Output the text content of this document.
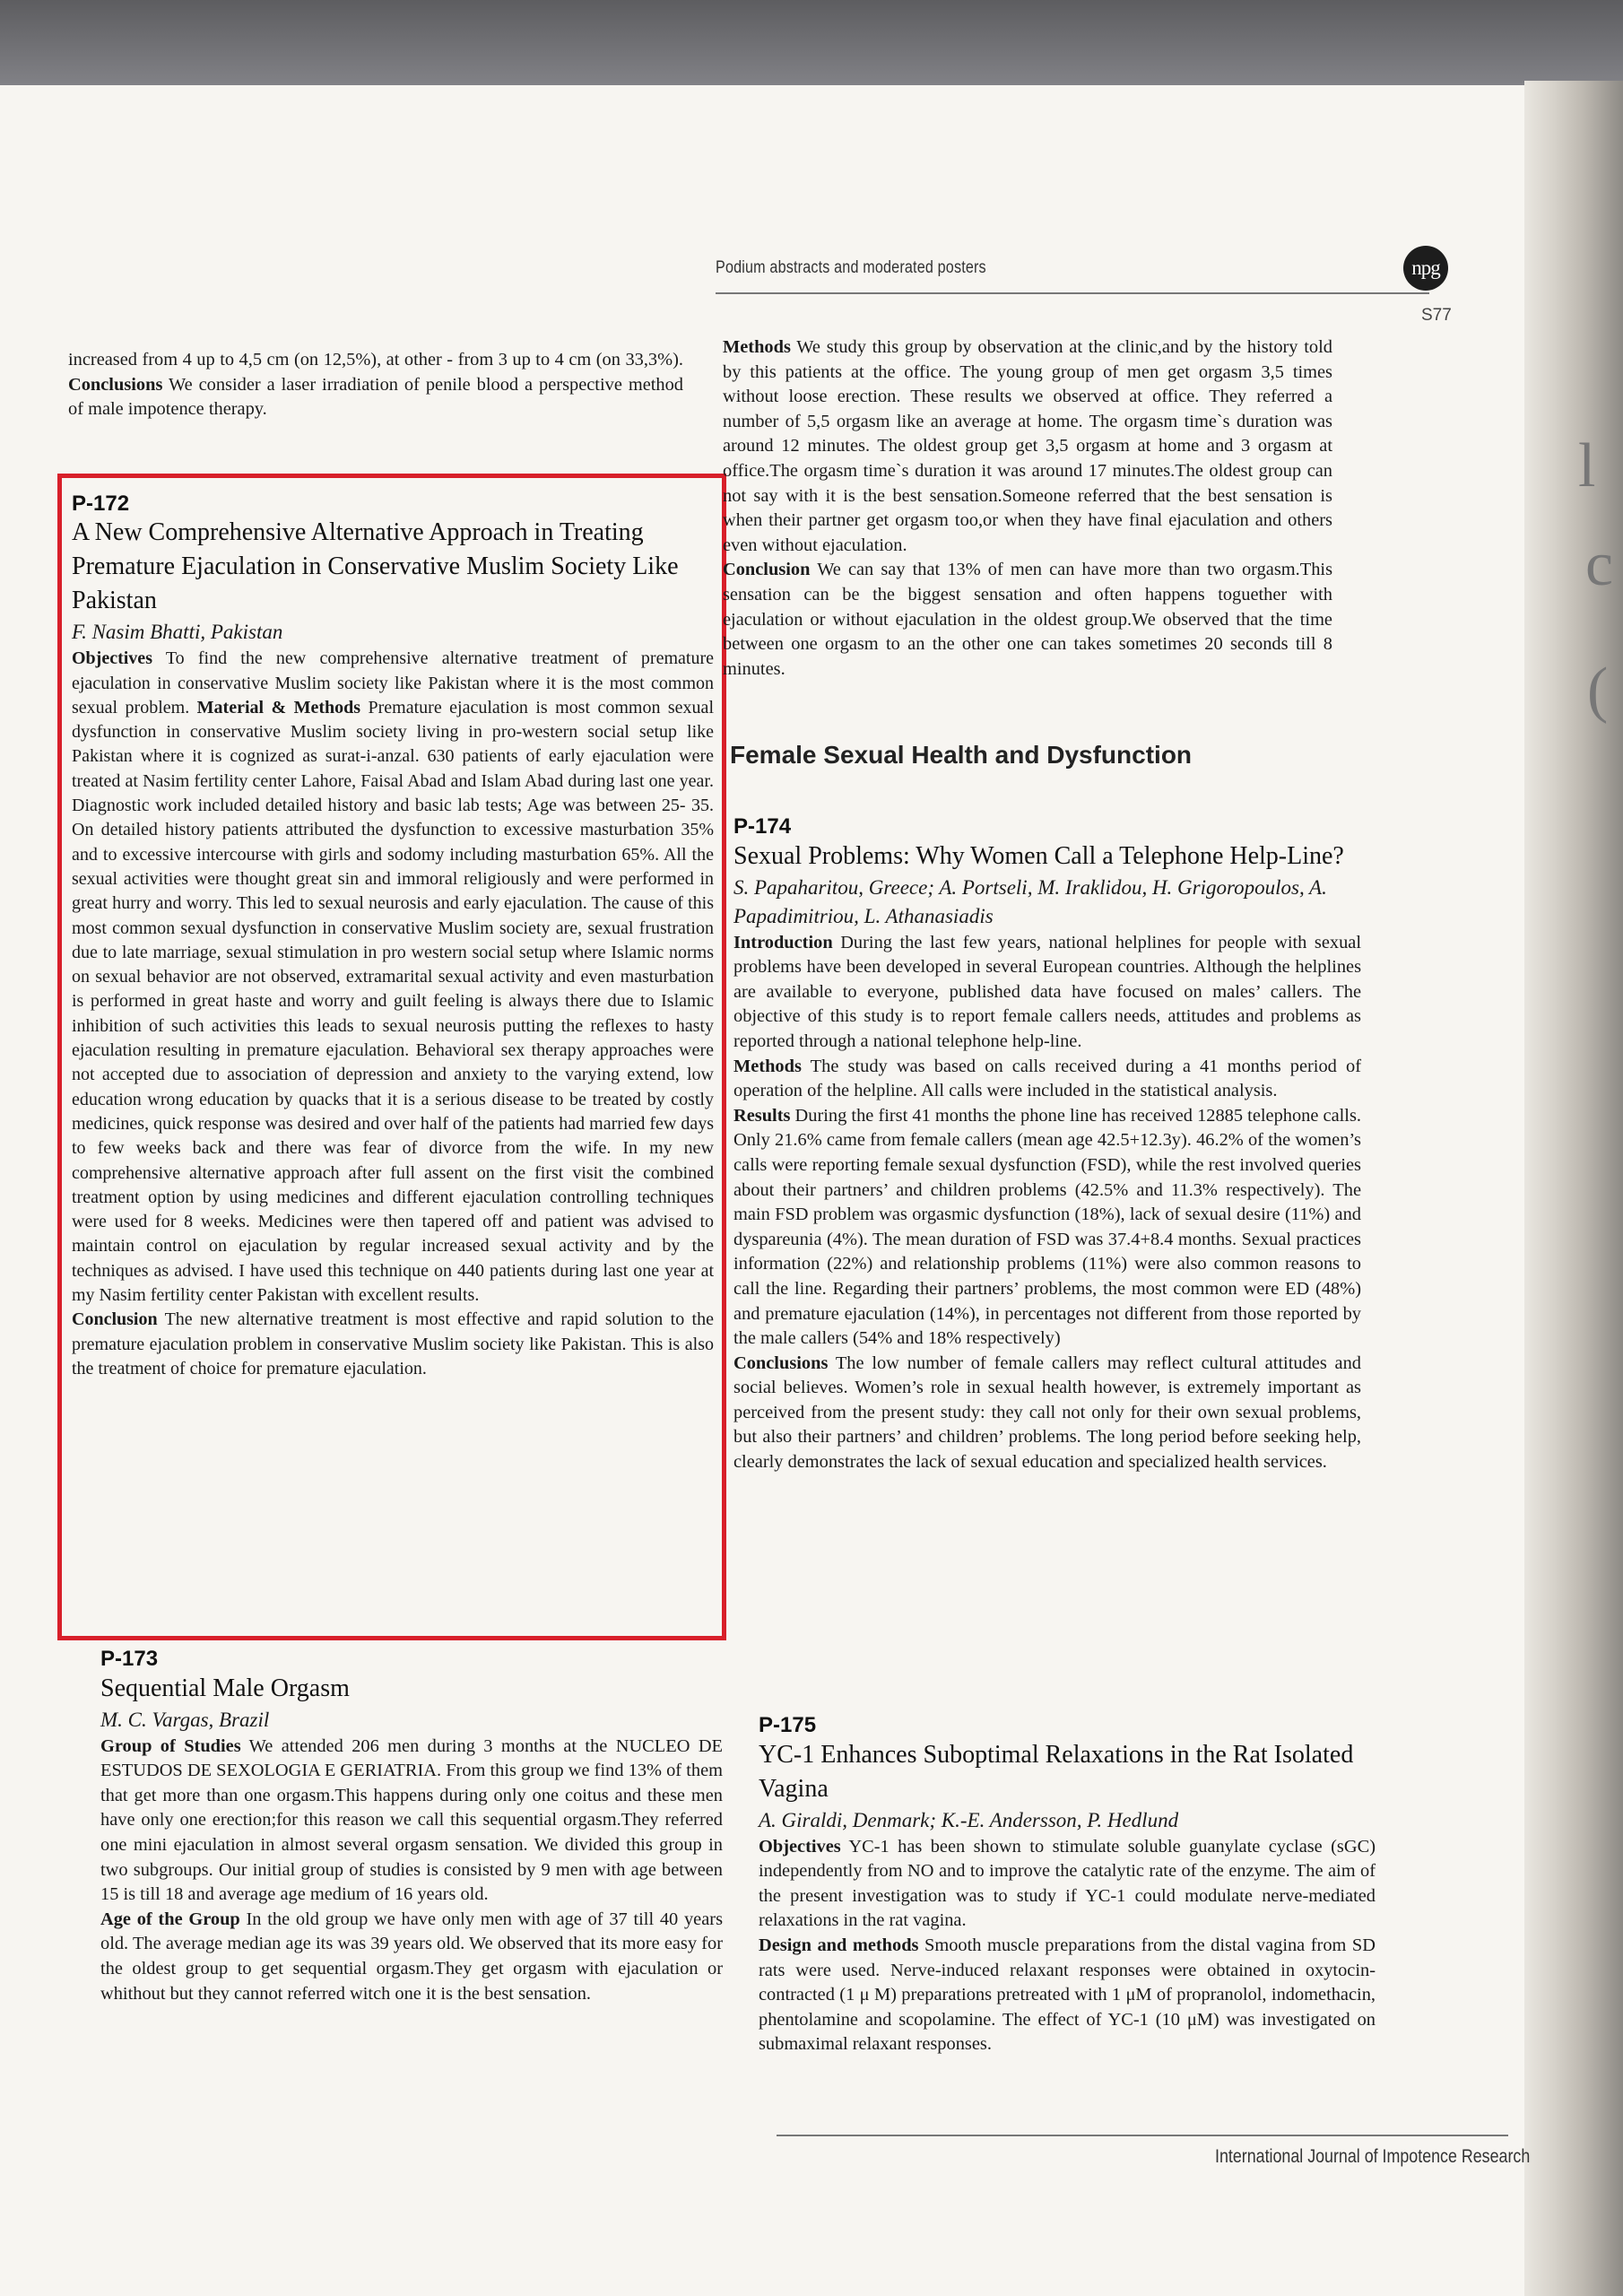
l
c
(
Podium abstracts and moderated posters	npg
S77

increased from 4 up to 4,5 cm (on 12,5%), at other - from 3 up to 4 cm (on 33,3%). Conclusions We consider a laser irradiation of penile blood a perspective method of male impotence therapy.

P-172

A New Comprehensive Alternative Approach in Treating Premature Ejaculation in Conservative Muslim Society Like Pakistan

F. Nasim Bhatti, Pakistan

Objectives To find the new comprehensive alternative treatment of premature ejaculation in conservative Muslim society like Pakistan where it is the most common sexual problem. Material & Methods Premature ejaculation is most common sexual dysfunction in conservative Muslim society living in pro-western social setup like Pakistan where it is cognized as surat-i-anzal. 630 patients of early ejaculation were treated at Nasim fertility center Lahore, Faisal Abad and Islam Abad during last one year. Diagnostic work included detailed history and basic lab tests; Age was between 25- 35. On detailed history patients attributed the dysfunction to excessive masturbation 35% and to excessive intercourse with girls and sodomy including masturbation 65%. All the sexual activities were thought great sin and immoral religiously and were performed in great hurry and worry. This led to sexual neurosis and early ejaculation. The cause of this most common sexual dysfunction in conservative Muslim society are, sexual frustration due to late marriage, sexual stimulation in pro western social setup where Islamic norms on sexual behavior are not observed, extramarital sexual activity and even masturbation is performed in great haste and worry and guilt feeling is always there due to Islamic inhibition of such activities this leads to sexual neurosis putting the reflexes to hasty ejaculation resulting in premature ejaculation. Behavioral sex therapy approaches were not accepted due to association of depression and anxiety to the varying extend, low education wrong education by quacks that it is a serious disease to be treated by costly medicines, quick response was desired and over half of the patients had married few days to few weeks back and there was fear of divorce from the wife. In my new comprehensive alternative approach after full assent on the first visit the combined treatment option by using medicines and different ejaculation controlling techniques were used for 8 weeks. Medicines were then tapered off and patient was advised to maintain control on ejaculation by regular increased sexual activity and by the techniques as advised. I have used this technique on 440 patients during last one year at my Nasim fertility center Pakistan with excellent results.

Conclusion The new alternative treatment is most effective and rapid solution to the premature ejaculation problem in conservative Muslim society like Pakistan. This is also the treatment of choice for premature ejaculation.

P-173

Sequential Male Orgasm

M. C. Vargas, Brazil

Group of Studies We attended 206 men during 3 months at the NUCLEO DE ESTUDOS DE SEXOLOGIA E GERIATRIA. From this group we find 13% of them that get more than one orgasm.This happens during only one coitus and these men have only one erection;for this reason we call this sequential orgasm.They referred one mini ejaculation in almost several orgasm sensation. We divided this group in two subgroups. Our initial group of studies is consisted by 9 men with age between 15 is till 18 and average age medium of 16 years old.

Age of the Group In the old group we have only men with age of 37 till 40 years old. The average median age its was 39 years old. We observed that its more easy for the oldest group to get sequential orgasm.They get orgasm with ejaculation or whithout but they cannot referred witch one it is the best sensation.

Methods We study this group by observation at the clinic,and by the history told by this patients at the office. The young group of men get orgasm 3,5 times without loose erection. These results we observed at office. They referred a number of 5,5 orgasm like an average at home. The orgasm time`s duration was around 12 minutes. The oldest group get 3,5 orgasm at home and 3 orgasm at office.The orgasm time`s duration it was around 17 minutes.The oldest group can not say with it is the best sensation.Someone referred that the best sensation is when their partner get orgasm too,or when they have final ejaculation and others even without ejaculation.

Conclusion We can say that 13% of men can have more than two orgasm.This sensation can be the biggest sensation and often happens toguether with ejaculation or without ejaculation in the oldest group.We observed that the time between one orgasm to an the other one can takes sometimes 20 seconds till 8 minutes.

Female Sexual Health and Dysfunction

P-174

Sexual Problems: Why Women Call a Telephone Help-Line?

S. Papaharitou, Greece; A. Portseli, M. Iraklidou, H. Grigoropoulos, A. Papadimitriou, L. Athanasiadis

Introduction During the last few years, national helplines for people with sexual problems have been developed in several European countries. Although the helplines are available to everyone, published data have focused on males’ callers. The objective of this study is to report female callers needs, attitudes and problems as reported through a national telephone help-line.

Methods The study was based on calls received during a 41 months period of operation of the helpline. All calls were included in the statistical analysis.

Results During the first 41 months the phone line has received 12885 telephone calls. Only 21.6% came from female callers (mean age 42.5+12.3y). 46.2% of the women’s calls were reporting female sexual dysfunction (FSD), while the rest involved queries about their partners’ and children problems (42.5% and 11.3% respectively). The main FSD problem was orgasmic dysfunction (18%), lack of sexual desire (11%) and dyspareunia (4%). The mean duration of FSD was 37.4+8.4 months. Sexual practices information (22%) and relationship problems (11%) were also common reasons to call the line. Regarding their partners’ problems, the most common were ED (48%) and premature ejaculation (14%), in percentages not different from those reported by the male callers (54% and 18% respectively)

Conclusions The low number of female callers may reflect cultural attitudes and social believes. Women’s role in sexual health however, is extremely important as perceived from the present study: they call not only for their own sexual problems, but also their partners’ and children’ problems. The long period before seeking help, clearly demonstrates the lack of sexual education and specialized health services.

P-175

YC-1 Enhances Suboptimal Relaxations in the Rat Isolated Vagina

A. Giraldi, Denmark; K.-E. Andersson, P. Hedlund

Objectives YC-1 has been shown to stimulate soluble guanylate cyclase (sGC) independently from NO and to improve the catalytic rate of the enzyme. The aim of the present investigation was to study if YC-1 could modulate nerve-mediated relaxations in the rat vagina.

Design and methods Smooth muscle preparations from the distal vagina from SD rats were used. Nerve-induced relaxant responses were obtained in oxytocin-contracted (1 μ M) preparations pretreated with 1 μM of propranolol, indomethacin, phentolamine and scopolamine. The effect of YC-1 (10 μM) was investigated on submaximal relaxant responses.

International Journal of Impotence Research
